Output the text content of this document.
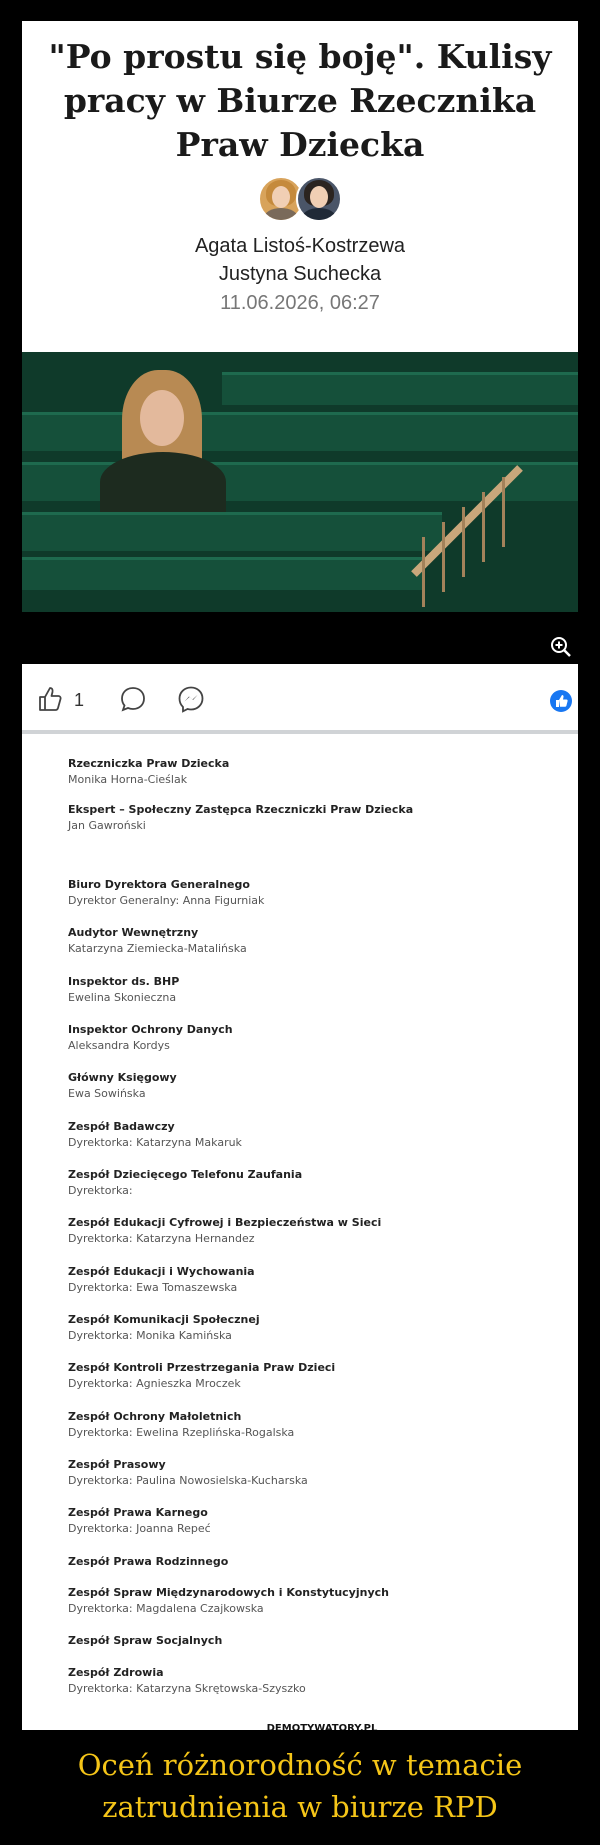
"Po prostu się boję". Kulisy pracy w Biurze Rzecznika Praw Dziecka
Agata Listoś-Kostrzewa
Justyna Suchecka
11.06.2026, 06:27
1
Rzeczniczka Praw Dziecka
Monika Horna-Cieślak
Ekspert – Społeczny Zastępca Rzeczniczki Praw Dziecka
Jan Gawroński
Biuro Dyrektora Generalnego
Dyrektor Generalny: Anna Figurniak
Audytor Wewnętrzny
Katarzyna Ziemiecka-Matalińska
Inspektor ds. BHP
Ewelina Skonieczna
Inspektor Ochrony Danych
Aleksandra Kordys
Główny Księgowy
Ewa Sowińska
Zespół Badawczy
Dyrektorka: Katarzyna Makaruk
Zespół Dziecięcego Telefonu Zaufania
Dyrektorka:
Zespół Edukacji Cyfrowej i Bezpieczeństwa w Sieci
Dyrektorka: Katarzyna Hernandez
Zespół Edukacji i Wychowania
Dyrektorka: Ewa Tomaszewska
Zespół Komunikacji Społecznej
Dyrektorka: Monika Kamińska
Zespół Kontroli Przestrzegania Praw Dzieci
Dyrektorka: Agnieszka Mroczek
Zespół Ochrony Małoletnich
Dyrektorka: Ewelina Rzeplińska-Rogalska
Zespół Prasowy
Dyrektorka: Paulina Nowosielska-Kucharska
Zespół Prawa Karnego
Dyrektorka: Joanna Repeć
Zespół Prawa Rodzinnego
Zespół Spraw Międzynarodowych i Konstytucyjnych
Dyrektorka: Magdalena Czajkowska
Zespół Spraw Socjalnych
Zespół Zdrowia
Dyrektorka: Katarzyna Skrętowska-Szyszko
DEMOTYWATORY.PL

Oceń różnorodność w temacie zatrudnienia w biurze RPD
